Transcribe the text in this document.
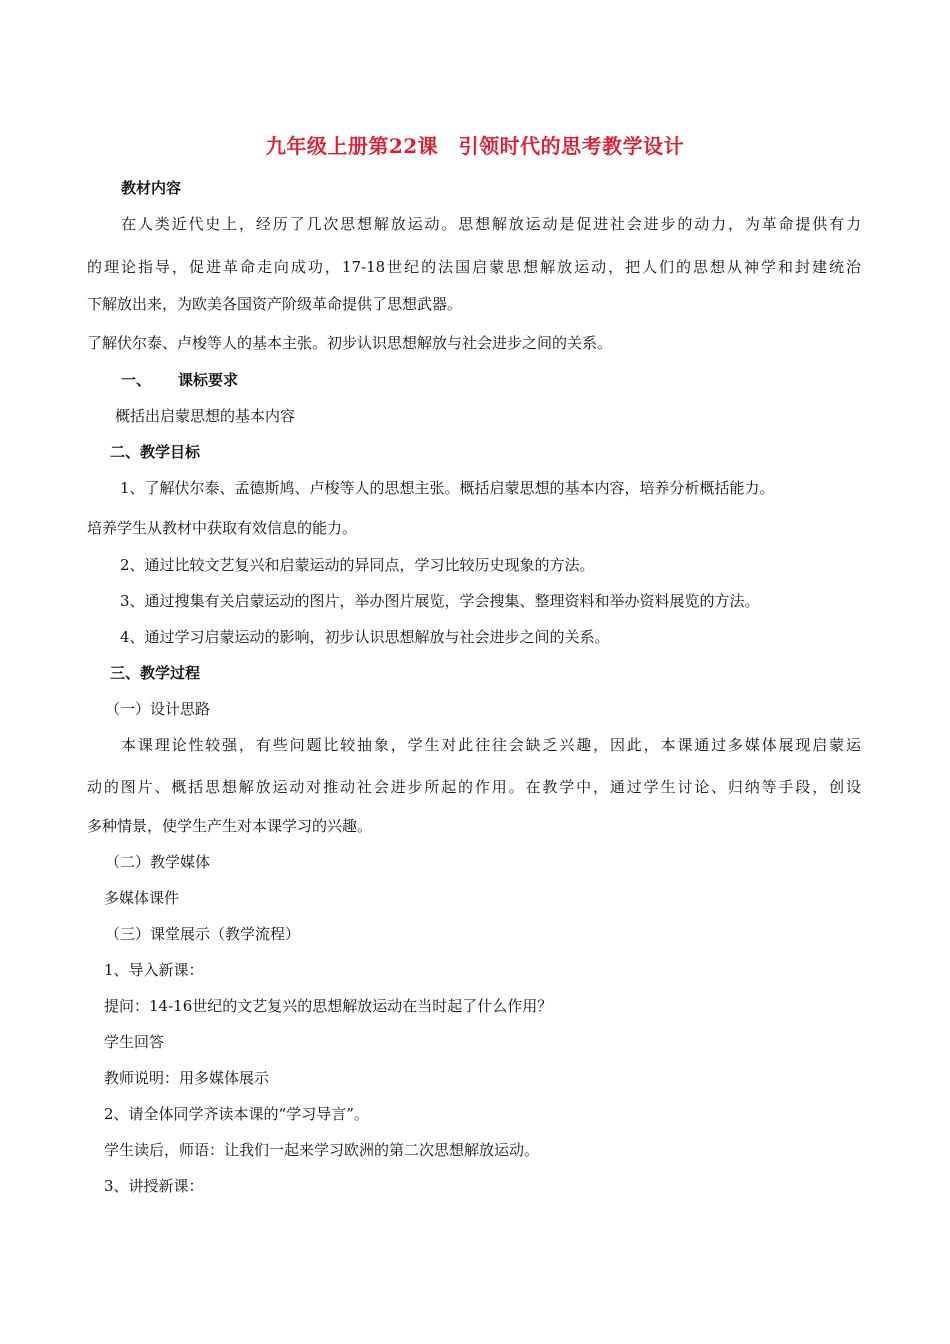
九年级上册第22课　引领时代的思考教学设计
教材内容
在人类近代史上，经历了几次思想解放运动。思想解放运动是促进社会进步的动力，为革命提供有力
的理论指导，促进革命走向成功，17-18世纪的法国启蒙思想解放运动，把人们的思想从神学和封建统治
下解放出来，为欧美各国资产阶级革命提供了思想武器。
了解伏尔泰、卢梭等人的基本主张。初步认识思想解放与社会进步之间的关系。
一、 课标要求
概括出启蒙思想的基本内容
二、教学目标
1、了解伏尔泰、孟德斯鸠、卢梭等人的思想主张。概括启蒙思想的基本内容，培养分析概括能力。
培养学生从教材中获取有效信息的能力。
2、通过比较文艺复兴和启蒙运动的异同点，学习比较历史现象的方法。
3、通过搜集有关启蒙运动的图片，举办图片展览，学会搜集、整理资料和举办资料展览的方法。
4、通过学习启蒙运动的影响，初步认识思想解放与社会进步之间的关系。
三、教学过程
（一）设计思路
本课理论性较强，有些问题比较抽象，学生对此往往会缺乏兴趣，因此，本课通过多媒体展现启蒙运
动的图片、概括思想解放运动对推动社会进步所起的作用。在教学中，通过学生讨论、归纳等手段，创设
多种情景，使学生产生对本课学习的兴趣。
（二）教学媒体
多媒体课件
（三）课堂展示（教学流程）
1、导入新课：
提问：14-16世纪的文艺复兴的思想解放运动在当时起了什么作用？
学生回答
教师说明：用多媒体展示
2、请全体同学齐读本课的“学习导言”。
学生读后，师语：让我们一起来学习欧洲的第二次思想解放运动。
3、讲授新课：
